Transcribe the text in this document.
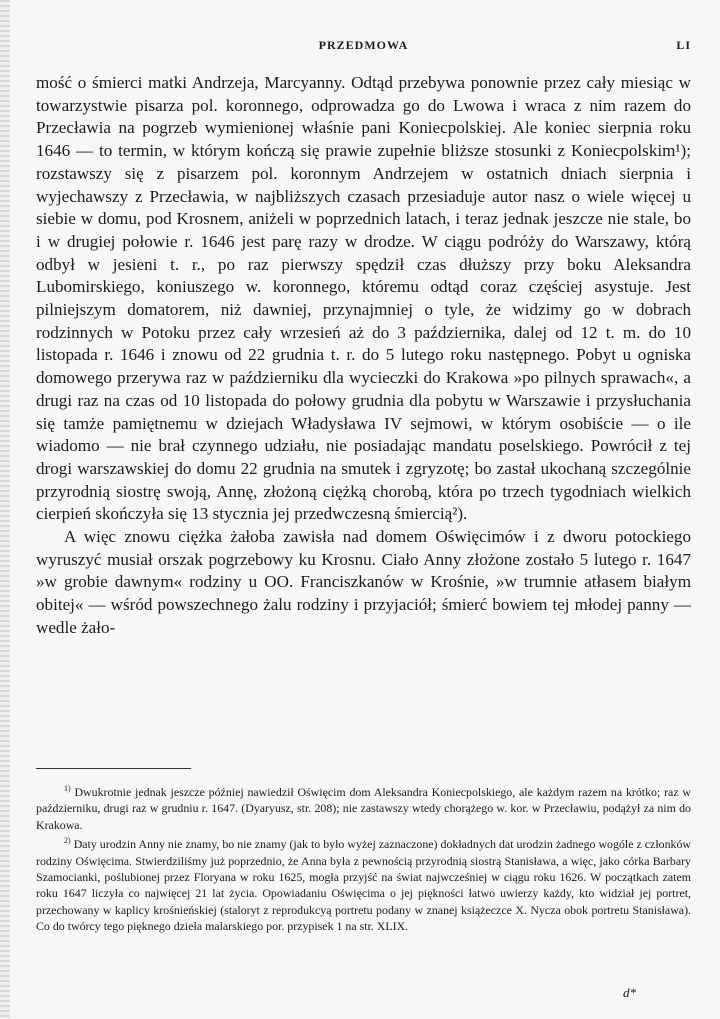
PRZEDMOWA	LI

mość o śmierci matki Andrzeja, Marcyanny. Odtąd przebywa ponownie przez cały miesiąc w towarzystwie pisarza pol. koronnego, odprowadza go do Lwowa i wraca z nim razem do Przecławia na pogrzeb wymienionej właśnie pani Koniecpolskiej. Ale koniec sierpnia roku 1646 — to termin, w którym kończą się prawie zupełnie bliższe stosunki z Koniecpolskim¹); rozstawszy się z pisarzem pol. koronnym Andrzejem w ostatnich dniach sierpnia i wyjechawszy z Przecławia, w najbliższych czasach przesiaduje autor nasz o wiele więcej u siebie w domu, pod Krosnem, aniżeli w poprzednich latach, i teraz jednak jeszcze nie stale, bo i w drugiej połowie r. 1646 jest parę razy w drodze. W ciągu podróży do Warszawy, którą odbył w jesieni t. r., po raz pierwszy spędził czas dłuższy przy boku Aleksandra Lubomirskiego, koniuszego w. koronnego, któremu odtąd coraz częściej asystuje. Jest pilniejszym domatorem, niż dawniej, przynajmniej o tyle, że widzimy go w dobrach rodzinnych w Potoku przez cały wrzesień aż do 3 października, dalej od 12 t. m. do 10 listopada r. 1646 i znowu od 22 grudnia t. r. do 5 lutego roku następnego. Pobyt u ogniska domowego przerywa raz w październiku dla wycieczki do Krakowa »po pilnych sprawach«, a drugi raz na czas od 10 listopada do połowy grudnia dla pobytu w Warszawie i przysłuchania się tamże pamiętnemu w dziejach Władysława IV sejmowi, w którym osobiście — o ile wiadomo — nie brał czynnego udziału, nie posiadając mandatu poselskiego. Powrócił z tej drogi warszawskiej do domu 22 grudnia na smutek i zgryzotę; bo zastał ukochaną szczególnie przyrodnią siostrę swoją, Annę, złożoną ciężką chorobą, która po trzech tygodniach wielkich cierpień skończyła się 13 stycznia jej przedwczesną śmiercią²).

A więc znowu ciężka żałoba zawisła nad domem Oświęcimów i z dworu potockiego wyruszyć musiał orszak pogrzebowy ku Krosnu. Ciało Anny złożone zostało 5 lutego r. 1647 »w grobie dawnym« rodziny u OO. Franciszkanów w Krośnie, »w trumnie atłasem białym obitej« — wśród powszechnego żalu rodziny i przyjaciół; śmierć bowiem tej młodej panny — wedle żało-

$^{1)}$ Dwukrotnie jednak jeszcze później nawiedził Oświęcim dom Aleksandra Koniecpolskiego, ale każdym razem na krótko; raz w październiku, drugi raz w grudniu r. 1647. (Dyaryusz, str. 208); nie zastawszy wtedy chorążego w. kor. w Przecławiu, podążył za nim do Krakowa.

$^{2)}$ Daty urodzin Anny nie znamy, bo nie znamy (jak to było wyżej zaznaczone) dokładnych dat urodzin żadnego wogóle z członków rodziny Oświęcima. Stwierdziliśmy już poprzednio, że Anna była z pewnością przyrodnią siostrą Stanisława, a więc, jako córka Barbary Szamocianki, poślubionej przez Floryana w roku 1625, mogła przyjść na świat najwcześniej w ciągu roku 1626. W początkach zatem roku 1647 liczyła co najwięcej 21 lat życia. Opowiadaniu Oświęcima o jej piękności łatwo uwierzy każdy, kto widział jej portret, przechowany w kaplicy krośnieńskiej (staloryt z reprodukcyą portretu podany w znanej książeczce X. Nycza obok portretu Stanisława). Co do twórcy tego pięknego dzieła malarskiego por. przypisek 1 na str. XLIX.

d*
